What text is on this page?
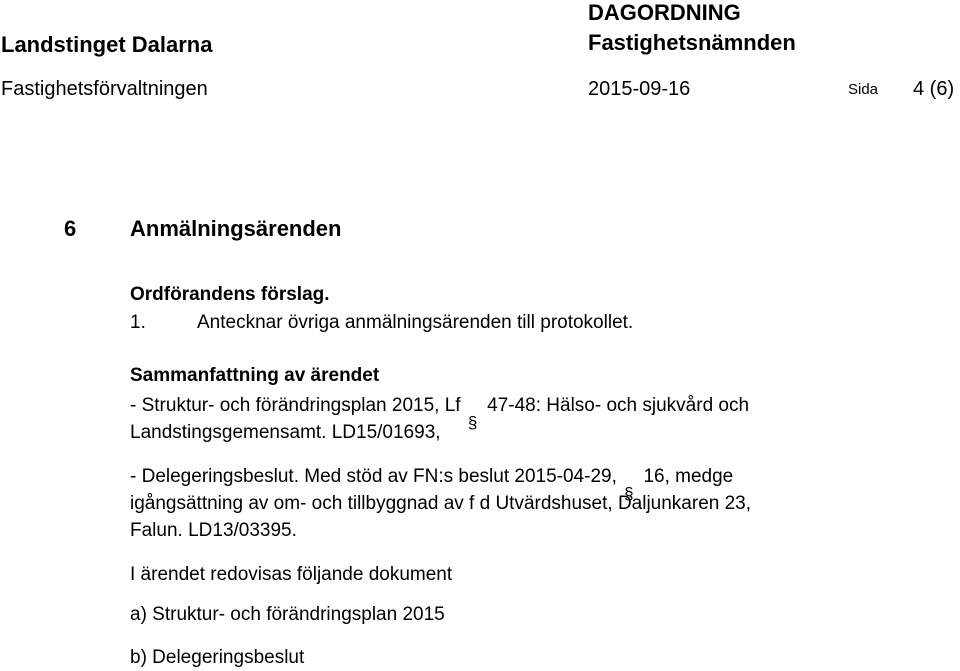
Landstinget Dalarna
DAGORDNING
Fastighetsnämnden
Fastighetsförvaltningen	2015-09-16	Sida 4 (6)
6 Anmälningsärenden
Ordförandens förslag.
1.	Antecknar övriga anmälningsärenden till protokollet.
Sammanfattning av ärendet
- Struktur- och förändringsplan 2015, Lf 47-48: Hälso- och sjukvård och
Landstingsgemensamt. LD15/01693,
- Delegeringsbeslut. Med stöd av FN:s beslut 2015-04-29, 16, medge
igångsättning av om- och tillbyggnad av f d Utvärdshuset, Daljunkaren 23,
Falun. LD13/03395.
I ärendet redovisas följande dokument
a) Struktur- och förändringsplan 2015
b) Delegeringsbeslut
